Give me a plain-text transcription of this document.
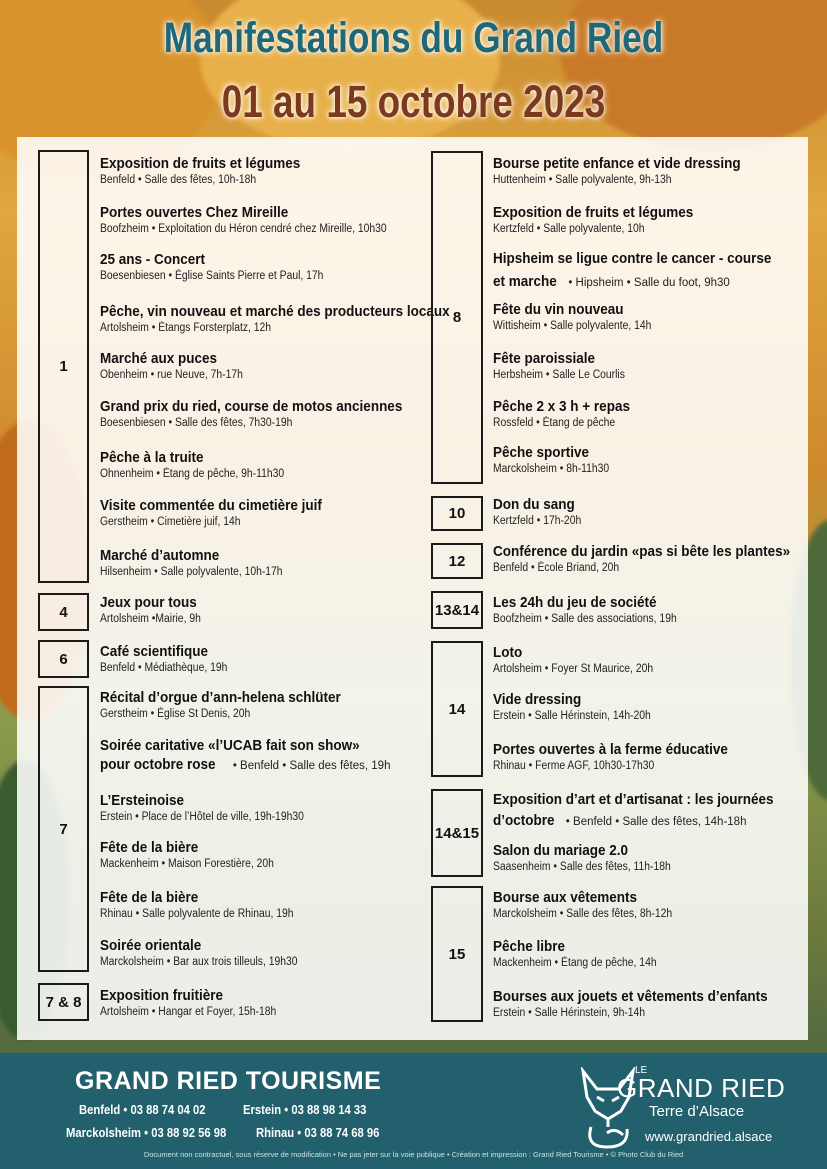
Manifestations du Grand Ried
01 au 15 octobre 2023
1
Exposition de fruits et légumes
Benfeld • Salle des fêtes, 10h-18h
Portes ouvertes Chez Mireille
Boofzheim • Exploitation du Héron cendré chez Mireille, 10h30
25 ans - Concert
Boesenbiesen • Église Saints Pierre et Paul, 17h
Pêche, vin nouveau et marché des producteurs locaux
Artolsheim • Étangs Forsterplatz, 12h
Marché aux puces
Obenheim • rue Neuve, 7h-17h
Grand prix du ried, course de motos anciennes
Boesenbiesen • Salle des fêtes, 7h30-19h
Pêche à la truite
Ohnenheim • Étang de pêche, 9h-11h30
Visite commentée du cimetière juif
Gerstheim • Cimetière juif, 14h
Marché d’automne
Hilsenheim • Salle polyvalente, 10h-17h
4
Jeux pour tous
Artolsheim •Mairie, 9h
6	Café scientifique
Benfeld • Médiathèque, 19h
7
Récital d’orgue d’ann-helena schlüter
Gerstheim • Église St Denis, 20h
Soirée caritative «l’UCAB fait son show»
pour octobre rose • Benfeld • Salle des fêtes, 19h
L’Ersteinoise
Erstein • Place de l’Hôtel de ville, 19h-19h30
Fête de la bière
Mackenheim • Maison Forestière, 20h
Fête de la bière
Rhinau • Salle polyvalente de Rhinau, 19h
Soirée orientale
Marckolsheim • Bar aux trois tilleuls, 19h30
7 & 8	Exposition fruitière
Artolsheim • Hangar et Foyer, 15h-18h
8
Bourse petite enfance et vide dressing
Huttenheim • Salle polyvalente, 9h-13h
Exposition de fruits et légumes
Kertzfeld • Salle polyvalente, 10h
Hipsheim se ligue contre le cancer - course
et marche • Hipsheim • Salle du foot, 9h30
Fête du vin nouveau
Wittisheim • Salle polyvalente, 14h
Fête paroissiale
Herbsheim • Salle Le Courlis
Pêche 2 x 3 h + repas
Rossfeld • Étang de pêche
Pêche sportive
Marckolsheim • 8h-11h30
10
Don du sang
Kertzfeld • 17h-20h
12
Conférence du jardin «pas si bête les plantes»
Benfeld • École Briand, 20h
13&14 Les 24h du jeu de société
Boofzheim • Salle des associations, 19h
14
Loto
Artolsheim • Foyer St Maurice, 20h
Vide dressing
Erstein • Salle Hérinstein, 14h-20h
Portes ouvertes à la ferme éducative
Rhinau • Ferme AGF, 10h30-17h30
14&15
Exposition d’art et d’artisanat : les journées
d’octobre • Benfeld • Salle des fêtes, 14h-18h
Salon du mariage 2.0
Saasenheim • Salle des fêtes, 11h-18h
15
Bourse aux vêtements
Marckolsheim • Salle des fêtes, 8h-12h
Pêche libre
Mackenheim • Étang de pêche, 14h
Bourses aux jouets et vêtements d’enfants
Erstein • Salle Hérinstein, 9h-14h
GRAND RIED TOURISME
Benfeld • 03 88 74 04 02	Erstein • 03 88 98 14 33
Marckolsheim • 03 88 92 56 98 Rhinau • 03 88 74 68 96
LE
GRAND RIED
Terre d’Alsace
www.grandried.alsace
Document non contractuel, sous réserve de modification • Ne pas jeter sur la voie publique • Création et impression : Grand Ried Tourisme • © Photo Club du Ried
